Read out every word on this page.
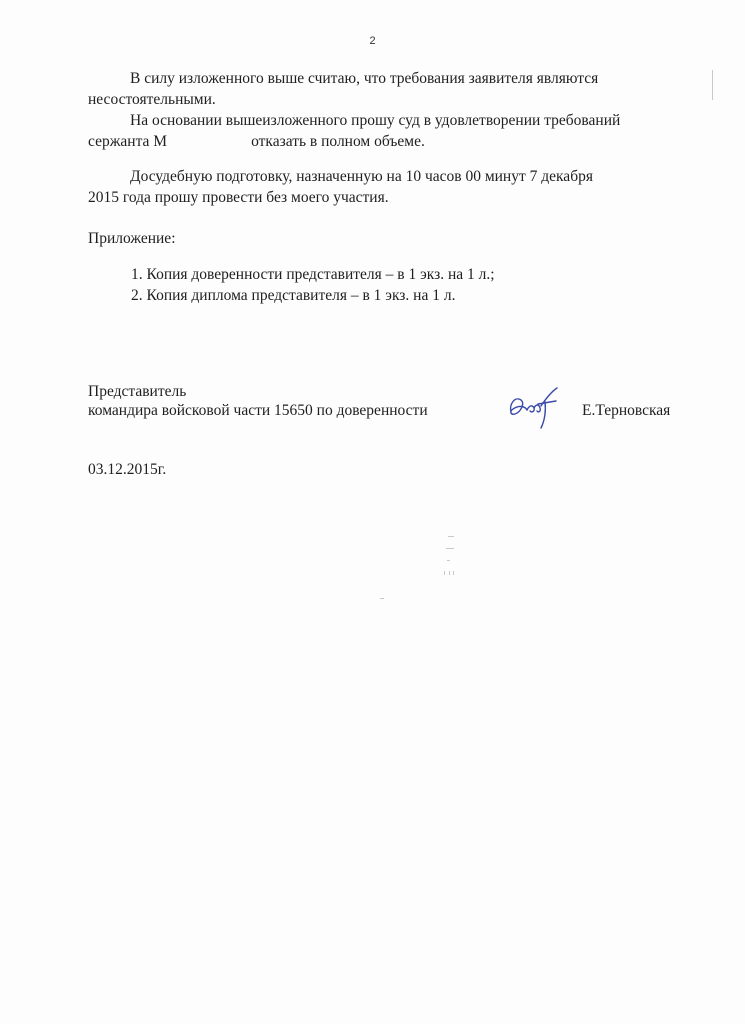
2

В силу изложенного выше считаю, что требования заявителя являются

несостоятельными.

На основании вышеизложенного прошу суд в удовлетворении требований

сержанта М	отказать в полном объеме.

Досудебную подготовку, назначенную на 10 часов 00 минут 7 декабря

2015 года прошу провести без моего участия.
Приложение:
1. Копия доверенности представителя – в 1 экз. на 1 л.;
2. Копия диплома представителя – в 1 экз. на 1 л.
Представитель
командира войсковой части 15650 по доверенности	Е.Терновская
03.12.2015г.
